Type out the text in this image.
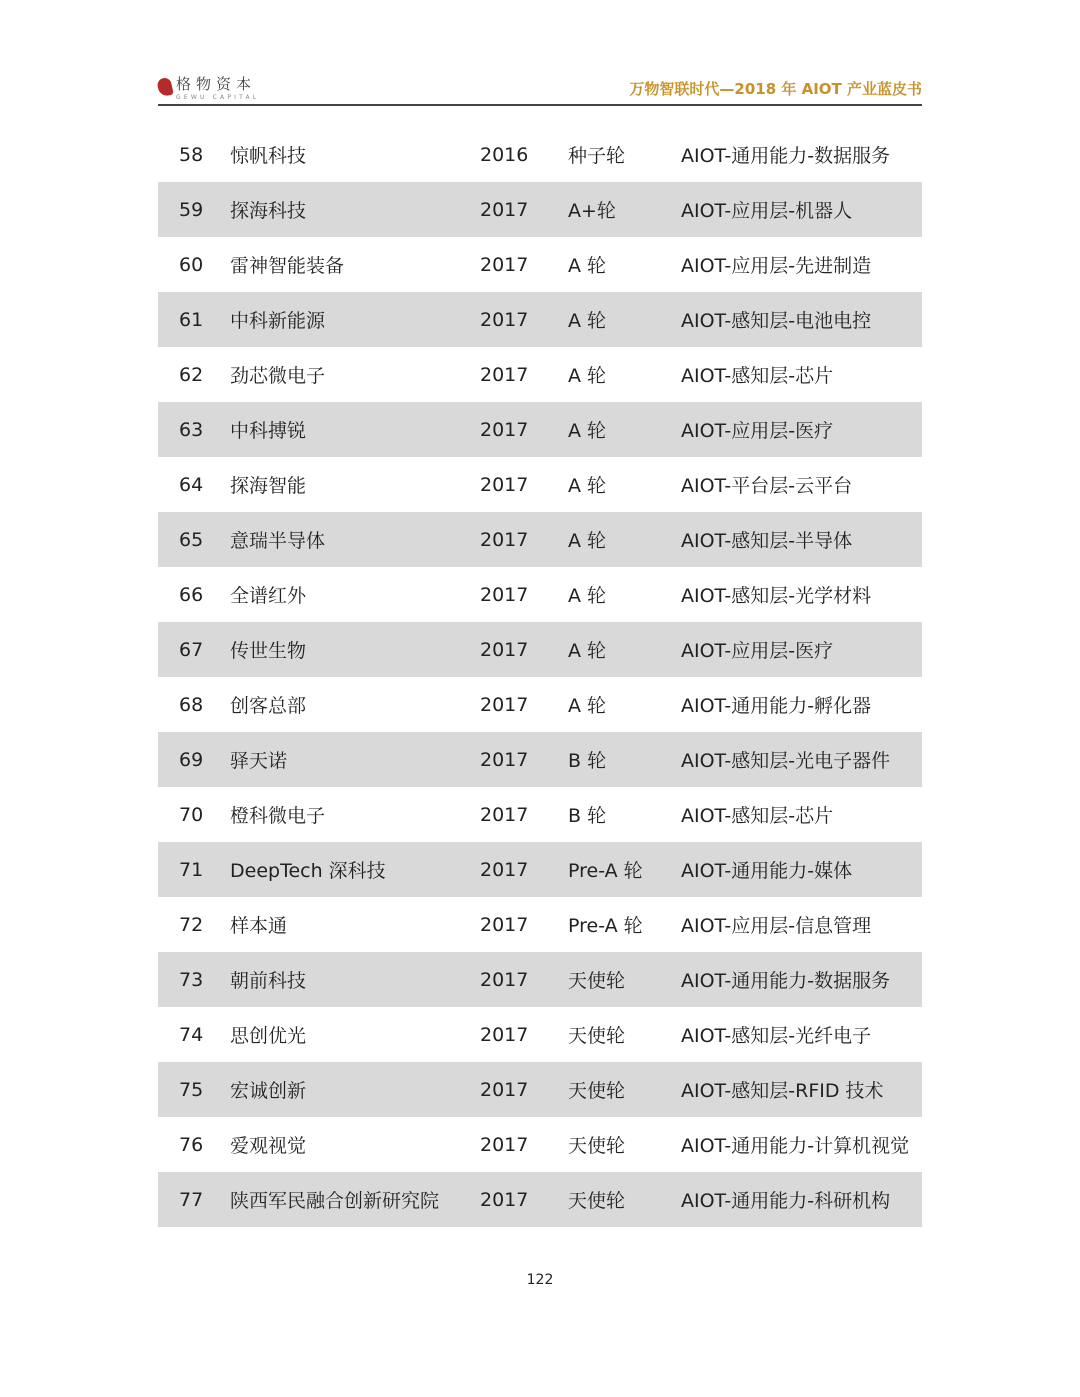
格物资本
GEWU CAPITAL	万物智联时代—2018 年 AIOT 产业蓝皮书
58	惊帆科技	2016	种子轮	AIOT-通用能力-数据服务
59	探海科技	2017	A+轮	AIOT-应用层-机器人
60	雷神智能装备	2017	A 轮	AIOT-应用层-先进制造
61	中科新能源	2017	A 轮	AIOT-感知层-电池电控
62	劲芯微电子	2017	A 轮	AIOT-感知层-芯片
63	中科搏锐	2017	A 轮	AIOT-应用层-医疗
64	探海智能	2017	A 轮	AIOT-平台层-云平台
65	意瑞半导体	2017	A 轮	AIOT-感知层-半导体
66	全谱红外	2017	A 轮	AIOT-感知层-光学材料
67	传世生物	2017	A 轮	AIOT-应用层-医疗
68	创客总部	2017	A 轮	AIOT-通用能力-孵化器
69	驿天诺	2017	B 轮	AIOT-感知层-光电子器件
70	橙科微电子	2017	B 轮	AIOT-感知层-芯片
71	DeepTech 深科技	2017	Pre-A 轮	AIOT-通用能力-媒体
72	样本通	2017	Pre-A 轮	AIOT-应用层-信息管理
73	朝前科技	2017	天使轮	AIOT-通用能力-数据服务
74	思创优光	2017	天使轮	AIOT-感知层-光纤电子
75	宏诚创新	2017	天使轮	AIOT-感知层-RFID 技术
76	爱观视觉	2017	天使轮	AIOT-通用能力-计算机视觉
77	陕西军民融合创新研究院	2017	天使轮	AIOT-通用能力-科研机构
122
